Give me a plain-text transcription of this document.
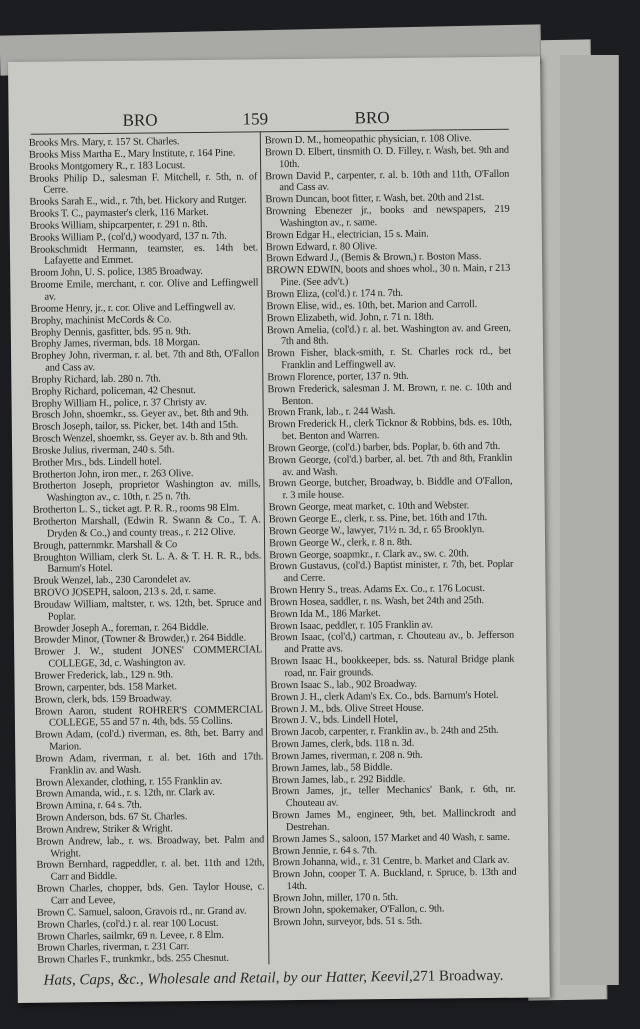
BRO	159	BRO
Brooks Mrs. Mary, r. 157 St. Charles.
Brooks Miss Martha E., Mary Institute, r. 164 Pine.
Brooks Montgomery R., r. 183 Locust.
Brooks Philip D., salesman F. Mitchell, r. 5th, n. of Cerre.
Brooks Sarah E., wid., r. 7th, bet. Hickory and Rutger.
Brooks T. C., paymaster's clerk, 116 Market.
Brooks William, shipcarpenter, r. 291 n. 8th.
Brooks William P., (col'd,) woodyard, 137 n. 7th.
Brookschmidt Hermann, teamster, es. 14th bet. Lafayette and Emmet.
Broom John, U. S. police, 1385 Broadway.
Broome Emile, merchant, r. cor. Olive and Leffingwell av.
Broome Henry, jr., r. cor. Olive and Leffingwell av.
Brophy, machinist McCords & Co.
Brophy Dennis, gasfitter, bds. 95 n. 9th.
Brophy James, riverman, bds. 18 Morgan.
Brophey John, riverman, r. al. bet. 7th and 8th, O'Fallon and Cass av.
Brophy Richard, lab. 280 n. 7th.
Brophy Richard, policeman, 42 Chesnut.
Brophy William H., police, r. 37 Christy av.
Brosch John, shoemkr., ss. Geyer av., bet. 8th and 9th.
Brosch Joseph, tailor, ss. Picker, bet. 14th and 15th.
Brosch Wenzel, shoemkr, ss. Geyer av. b. 8th and 9th.
Broske Julius, riverman, 240 s. 5th.
Brother Mrs., bds. Lindell hotel.
Brotherton John, iron mer., r. 263 Olive.
Brotherton Joseph, proprietor Washington av. mills, Washington av., c. 10th, r. 25 n. 7th.
Brotherton L. S., ticket agt. P. R. R., rooms 98 Elm.
Brotherton Marshall, (Edwin R. Swann & Co., T. A. Dryden & Co.,) and county treas., r. 212 Olive.
Brough, patternmkr. Marshall & Co
Broughton William, clerk St. L. A. & T. H. R. R., bds. Barnum's Hotel.
Brouk Wenzel, lab., 230 Carondelet av.
BROVO JOSEPH, saloon, 213 s. 2d, r. same.
Broudaw William, maltster, r. ws. 12th, bet. Spruce and Poplar.
Browder Joseph A., foreman, r. 264 Biddle.
Browder Minor, (Towner & Browder,) r. 264 Biddle.
Brower J. W., student JONES' COMMERCIAL COLLEGE, 3d, c. Washington av.
Brower Frederick, lab., 129 n. 9th.
Brown, carpenter, bds. 158 Market.
Brown, clerk, bds. 159 Broadway.
Brown Aaron, student ROHRER'S COMMERCIAL COLLEGE, 55 and 57 n. 4th, bds. 55 Collins.
Brown Adam, (col'd.) riverman, es. 8th, bet. Barry and Marion.
Brown Adam, riverman, r. al. bet. 16th and 17th. Franklin av. and Wash.
Brown Alexander, clothing, r. 155 Franklin av.
Brown Amanda, wid., r. s. 12th, nr. Clark av.
Brown Amina, r. 64 s. 7th.
Brown Anderson, bds. 67 St. Charles.
Brown Andrew, Striker & Wright.
Brown Andrew, lab., r. ws. Broadway, bet. Palm and Wright.
Brown Bernhard, ragpeddler, r. al. bet. 11th and 12th, Carr and Biddle.
Brown Charles, chopper, bds. Gen. Taylor House, c. Carr and Levee,
Brown C. Samuel, saloon, Gravois rd., nr. Grand av.
Brown Charles, (col'd.) r. al. rear 100 Locust.
Brown Charles, sailmkr, 69 n. Levee, r. 8 Elm.
Brown Charles, riverman, r. 231 Carr.
Brown Charles F., trunkmkr., bds. 255 Chesnut.
Brown D. M., homeopathic physician, r. 108 Olive.
Brown D. Elbert, tinsmith O. D. Filley, r. Wash, bet. 9th and 10th.
Brown David P., carpenter, r. al. b. 10th and 11th, O'Fallon and Cass av.
Brown Duncan, boot fitter, r. Wash, bet. 20th and 21st.
Browning Ebenezer jr., books and newspapers, 219 Washington av., r. same.
Brown Edgar H., electrician, 15 s. Main.
Brown Edward, r. 80 Olive.
Brown Edward J., (Bemis & Brown,) r. Boston Mass.
BROWN EDWIN, boots and shoes whol., 30 n. Main, r 213 Pine. (See adv't.)
Brown Eliza, (col'd.) r. 174 n. 7th.
Brown Elise, wid., es. 10th, bet. Marion and Carroll.
Brown Elizabeth, wid. John, r. 71 n. 18th.
Brown Amelia, (col'd.) r. al. bet. Washington av. and Green, 7th and 8th.
Brown Fisher, black-smith, r. St. Charles rock rd., bet Franklin and Leffingwell av.
Brown Florence, porter, 137 n. 9th.
Brown Frederick, salesman J. M. Brown, r. ne. c. 10th and Benton.
Brown Frank, lab., r. 244 Wash.
Brown Frederick H., clerk Ticknor & Robbins, bds. es. 10th, bet. Benton and Warren.
Brown George, (col'd.) barber, bds. Poplar, b. 6th and 7th.
Brown George, (col'd.) barber, al. bet. 7th and 8th, Franklin av. and Wash.
Brown George, butcher, Broadway, b. Biddle and O'Fallon, r. 3 mile house.
Brown George, meat market, c. 10th and Webster.
Brown George E., clerk, r. ss. Pine, bet. 16th and 17th.
Brown George W., lawyer, 71½ n. 3d, r. 65 Brooklyn.
Brown George W., clerk, r. 8 n. 8th.
Brown George, soapmkr., r. Clark av., sw. c. 20th.
Brown Gustavus, (col'd.) Baptist minister, r. 7th, bet. Poplar and Cerre.
Brown Henry S., treas. Adams Ex. Co., r. 176 Locust.
Brown Hosea, saddler, r. ns. Wash, bet 24th and 25th.
Brown Ida M., 186 Market.
Brown Isaac, peddler, r. 105 Franklin av.
Brown Isaac, (col'd,) cartman, r. Chouteau av., b. Jefferson and Pratte avs.
Brown Isaac H., bookkeeper, bds. ss. Natural Bridge plank road, nr. Fair grounds.
Brown Isaac S., lab., 902 Broadway.
Brown J. H., clerk Adam's Ex. Co., bds. Barnum's Hotel.
Brown J. M., bds. Olive Street House.
Brown J. V., bds. Lindell Hotel,
Brown Jacob, carpenter, r. Franklin av., b. 24th and 25th.
Brown James, clerk, bds. 118 n. 3d.
Brown James, riverman, r. 208 n. 9th.
Brown James, lab., 58 Biddle.
Brown James, lab., r. 292 Biddle.
Brown James, jr., teller Mechanics' Bank, r. 6th, nr. Chouteau av.
Brown James M., engineer, 9th, bet. Mallinckrodt and Destrehan.
Brown James S., saloon, 157 Market and 40 Wash, r. same.
Brown Jennie, r. 64 s. 7th.
Brown Johanna, wid., r. 31 Centre, b. Market and Clark av.
Brown John, cooper T. A. Buckland, r. Spruce, b. 13th and 14th.
Brown John, miller, 170 n. 5th.
Brown John, spokemaker, O'Fallon, c. 9th.
Brown John, surveyor, bds. 51 s. 5th.
Hats, Caps, &c., Wholesale and Retail, by our Hatter, Keevil,271 Broadway.
